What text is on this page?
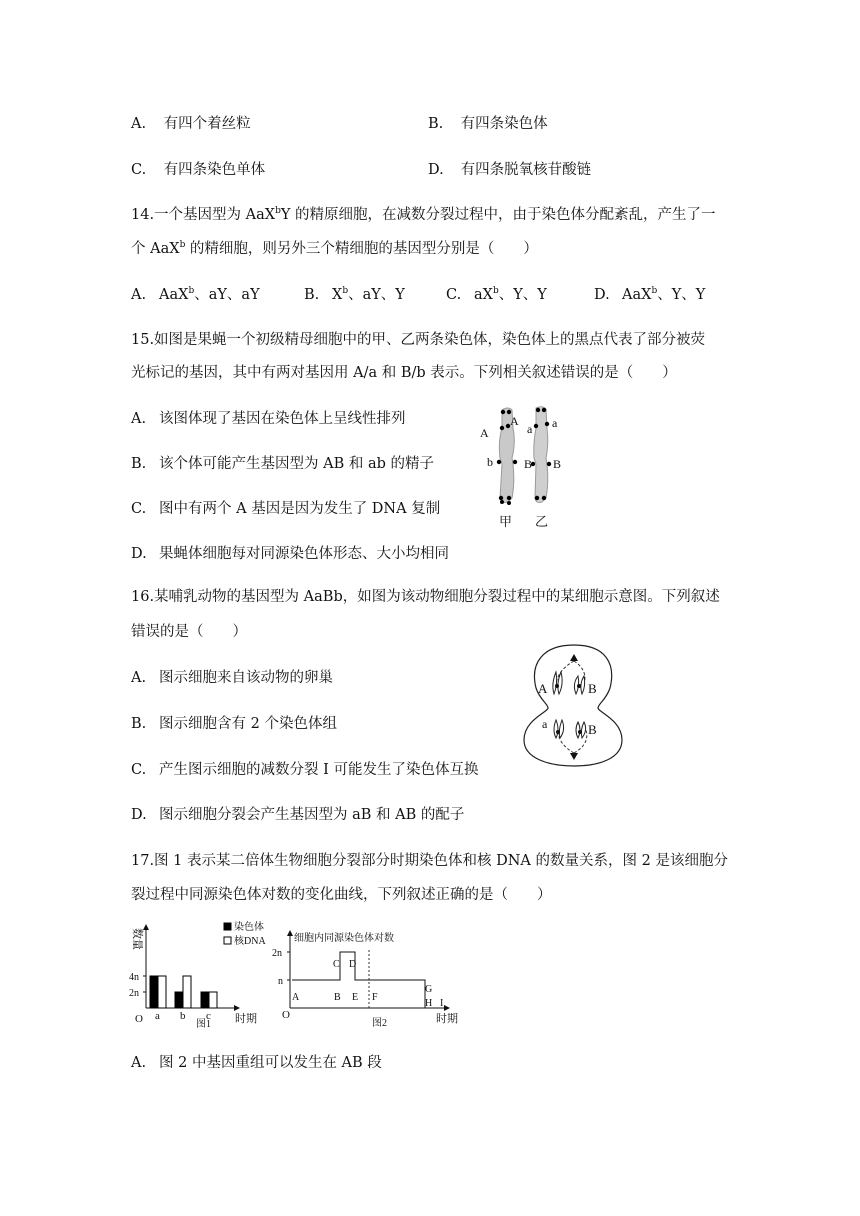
A. 有四个着丝粒	B. 有四条染色体
C. 有四条染色单体	D. 有四条脱氧核苷酸链
14.一个基因型为 AaX$^b$Y 的精原细胞，在减数分裂过程中，由于染色体分配紊乱，产生了一
个 AaX$^b$ 的精细胞，则另外三个精细胞的基因型分别是（　　）
A. AaX$^b$、aY、aY	B. $X^b$、aY、Y	C. $aX^b$、Y、Y	D. AaX$^b$、Y、Y
15.如图是果蝇一个初级精母细胞中的甲、乙两条染色体，染色体上的黑点代表了部分被荧
光标记的基因，其中有两对基因用 A/a 和 B/b 表示。下列相关叙述错误的是（　　）
A. 该图体现了基因在染色体上呈线性排列
B. 该个体可能产生基因型为 AB 和 ab 的精子
C. 图中有两个 A 基因是因为发生了 DNA 复制
D. 果蝇体细胞每对同源染色体形态、大小均相同
A
A	a a
b	B B
甲 乙
16.某哺乳动物的基因型为 AaBb，如图为该动物细胞分裂过程中的某细胞示意图。下列叙述
错误的是（　　）
A. 图示细胞来自该动物的卵巢
B. 图示细胞含有 2 个染色体组
C. 产生图示细胞的减数分裂 I 可能发生了染色体互换
D. 图示细胞分裂会产生基因型为 aB 和 AB 的配子
A	B
a	B
17.图 1 表示某二倍体生物细胞分裂部分时期染色体和核 DNA 的数量关系，图 2 是该细胞分
裂过程中同源染色体对数的变化曲线，下列叙述正确的是（　　）
数量
O	时期
图1
2n
4n
a b c
染色体
核DNA	细胞内同源染色体对数
O	时期
图2
n
2n
A	B
C D
E F
G
H I
A. 图 2 中基因重组可以发生在 AB 段
